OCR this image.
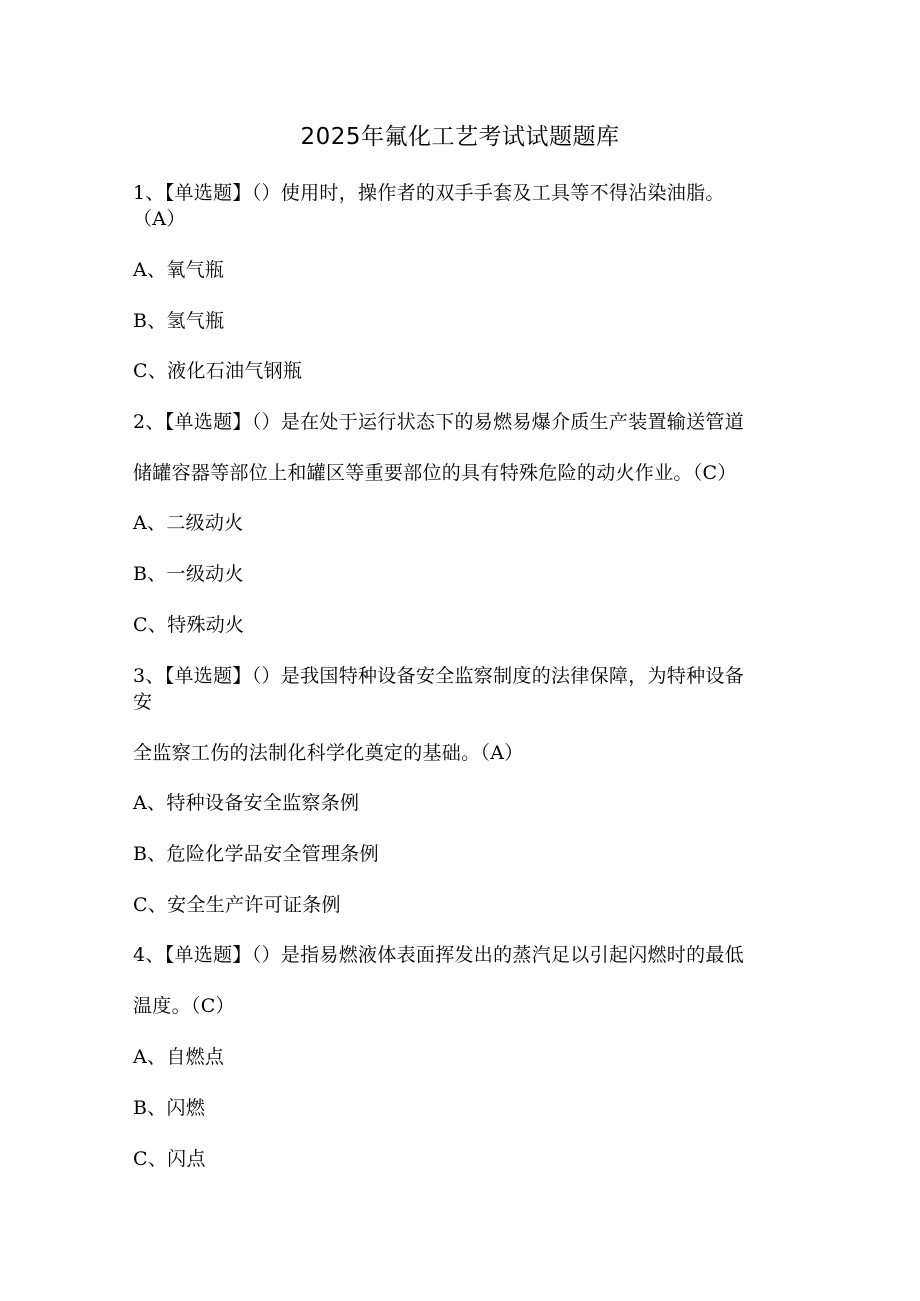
2025年氟化工艺考试试题题库
1、【单选题】（）使用时，操作者的双手手套及工具等不得沾染油脂。
（A）
A、氧气瓶
B、氢气瓶
C、液化石油气钢瓶
2、【单选题】（）是在处于运行状态下的易燃易爆介质生产装置输送管道
储罐容器等部位上和罐区等重要部位的具有特殊危险的动火作业。（C）
A、二级动火
B、一级动火
C、特殊动火
3、【单选题】（）是我国特种设备安全监察制度的法律保障，为特种设备
安
全监察工伤的法制化科学化奠定的基础。（A）
A、特种设备安全监察条例
B、危险化学品安全管理条例
C、安全生产许可证条例
4、【单选题】（）是指易燃液体表面挥发出的蒸汽足以引起闪燃时的最低
温度。（C）
A、自燃点
B、闪燃
C、闪点
